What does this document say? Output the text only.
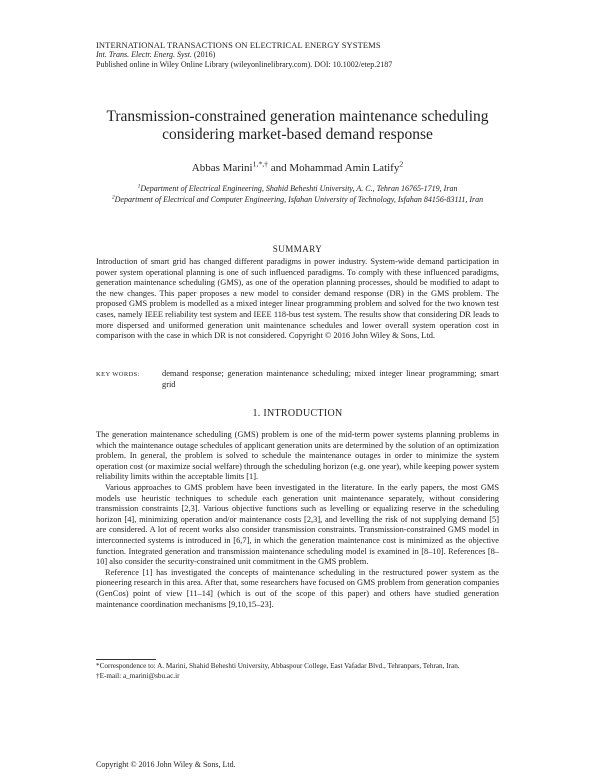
INTERNATIONAL TRANSACTIONS ON ELECTRICAL ENERGY SYSTEMS
Int. Trans. Electr. Energ. Syst. (2016)
Published online in Wiley Online Library (wileyonlinelibrary.com). DOI: 10.1002/etep.2187
Transmission-constrained generation maintenance scheduling
considering market-based demand response
Abbas Marini$^{1,*,\dagger}$ and Mohammad Amin Latify$^2$
$^1$Department of Electrical Engineering, Shahid Beheshti University, A. C., Tehran 16765-1719, Iran
$^2$Department of Electrical and Computer Engineering, Isfahan University of Technology, Isfahan 84156-83111, Iran
SUMMARY
Introduction of smart grid has changed different paradigms in power industry. System-wide demand participation in power system operational planning is one of such influenced paradigms. To comply with these influenced paradigms, generation maintenance scheduling (GMS), as one of the operation planning processes, should be modified to adapt to the new changes. This paper proposes a new model to consider demand response (DR) in the GMS problem. The proposed GMS problem is modelled as a mixed integer linear programming problem and solved for the two known test cases, namely IEEE reliability test system and IEEE 118-bus test system. The results show that considering DR leads to more dispersed and uniformed generation unit maintenance schedules and lower overall system operation cost in comparison with the case in which DR is not considered. Copyright © 2016 John Wiley & Sons, Ltd.
KEY WORDS:	demand response; generation maintenance scheduling; mixed integer linear programming; smart grid
1. INTRODUCTION

The generation maintenance scheduling (GMS) problem is one of the mid-term power systems planning problems in which the maintenance outage schedules of applicant generation units are determined by the solution of an optimization problem. In general, the problem is solved to schedule the maintenance outages in order to minimize the system operation cost (or maximize social welfare) through the scheduling horizon (e.g. one year), while keeping power system reliability limits within the acceptable limits [1].

Various approaches to GMS problem have been investigated in the literature. In the early papers, the most GMS models use heuristic techniques to schedule each generation unit maintenance separately, without considering transmission constraints [2,3]. Various objective functions such as levelling or equalizing reserve in the scheduling horizon [4], minimizing operation and/or maintenance costs [2,3], and levelling the risk of not supplying demand [5] are considered. A lot of recent works also consider transmission constraints. Transmission-constrained GMS model in interconnected systems is introduced in [6,7], in which the generation maintenance cost is minimized as the objective function. Integrated generation and transmission maintenance scheduling model is examined in [8–10]. References [8–10] also consider the security-constrained unit commitment in the GMS problem.

Reference [1] has investigated the concepts of maintenance scheduling in the restructured power system as the pioneering research in this area. After that, some researchers have focused on GMS problem from generation companies (GenCos) point of view [11–14] (which is out of the scope of this paper) and others have studied generation maintenance coordination mechanisms [9,10,15–23].

*Correspondence to: A. Marini, Shahid Beheshti University, Abbaspour College, East Vafadar Blvd., Tehranpars, Tehran, Iran.

†E-mail: a_marini@sbu.ac.ir

Copyright © 2016 John Wiley & Sons, Ltd.
